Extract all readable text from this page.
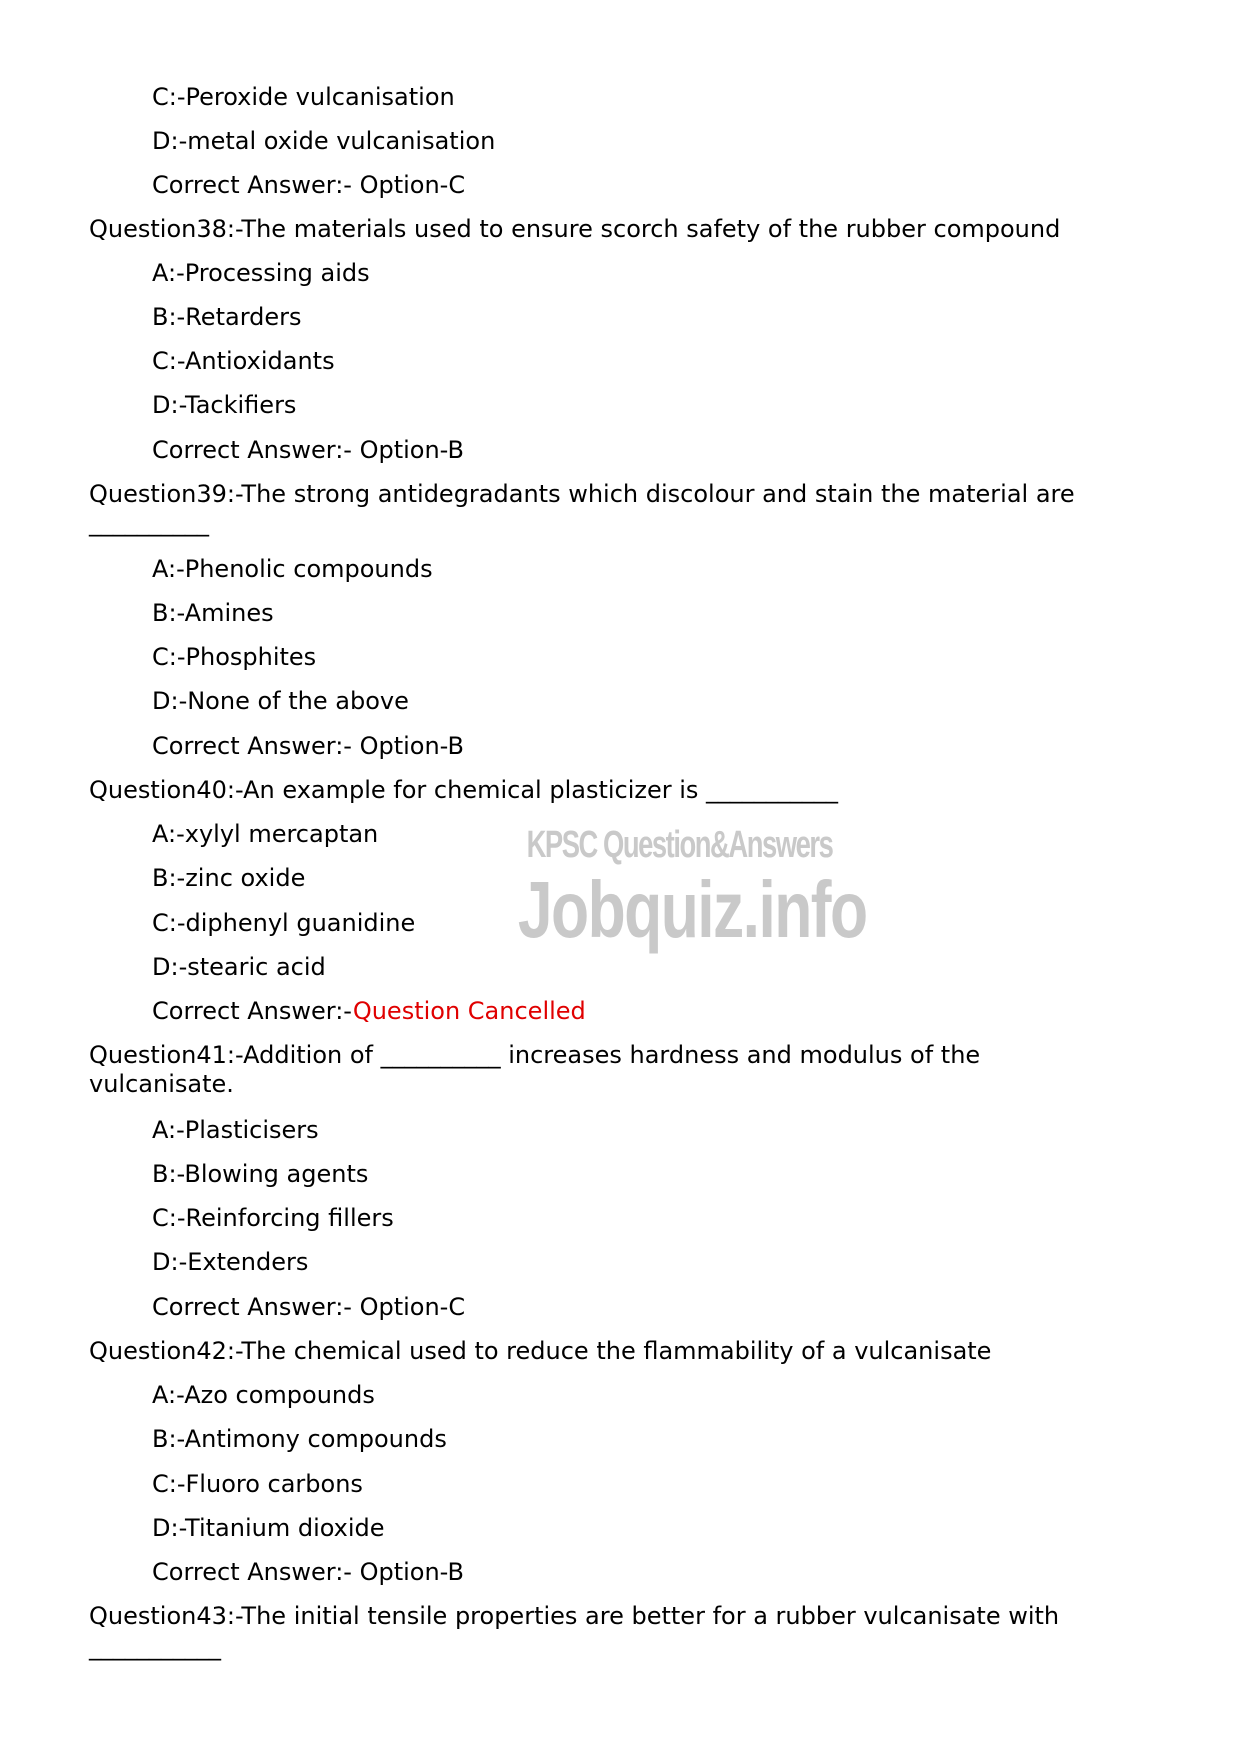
C:-Peroxide vulcanisation
D:-metal oxide vulcanisation
Correct Answer:- Option-C
Question38:-The materials used to ensure scorch safety of the rubber compound
A:-Processing aids
B:-Retarders
C:-Antioxidants
D:-Tackifiers
Correct Answer:- Option-B
Question39:-The strong antidegradants which discolour and stain the material are
__________
A:-Phenolic compounds
B:-Amines
C:-Phosphites
D:-None of the above
Correct Answer:- Option-B
Question40:-An example for chemical plasticizer is ___________
A:-xylyl mercaptan
B:-zinc oxide
C:-diphenyl guanidine
D:-stearic acid
Correct Answer:-Question Cancelled
Question41:-Addition of __________ increases hardness and modulus of the
vulcanisate.
A:-Plasticisers
B:-Blowing agents
C:-Reinforcing fillers
D:-Extenders
Correct Answer:- Option-C
Question42:-The chemical used to reduce the flammability of a vulcanisate
A:-Azo compounds
B:-Antimony compounds
C:-Fluoro carbons
D:-Titanium dioxide
Correct Answer:- Option-B
Question43:-The initial tensile properties are better for a rubber vulcanisate with
___________
KPSC Question&Answers
Jobquiz.info
